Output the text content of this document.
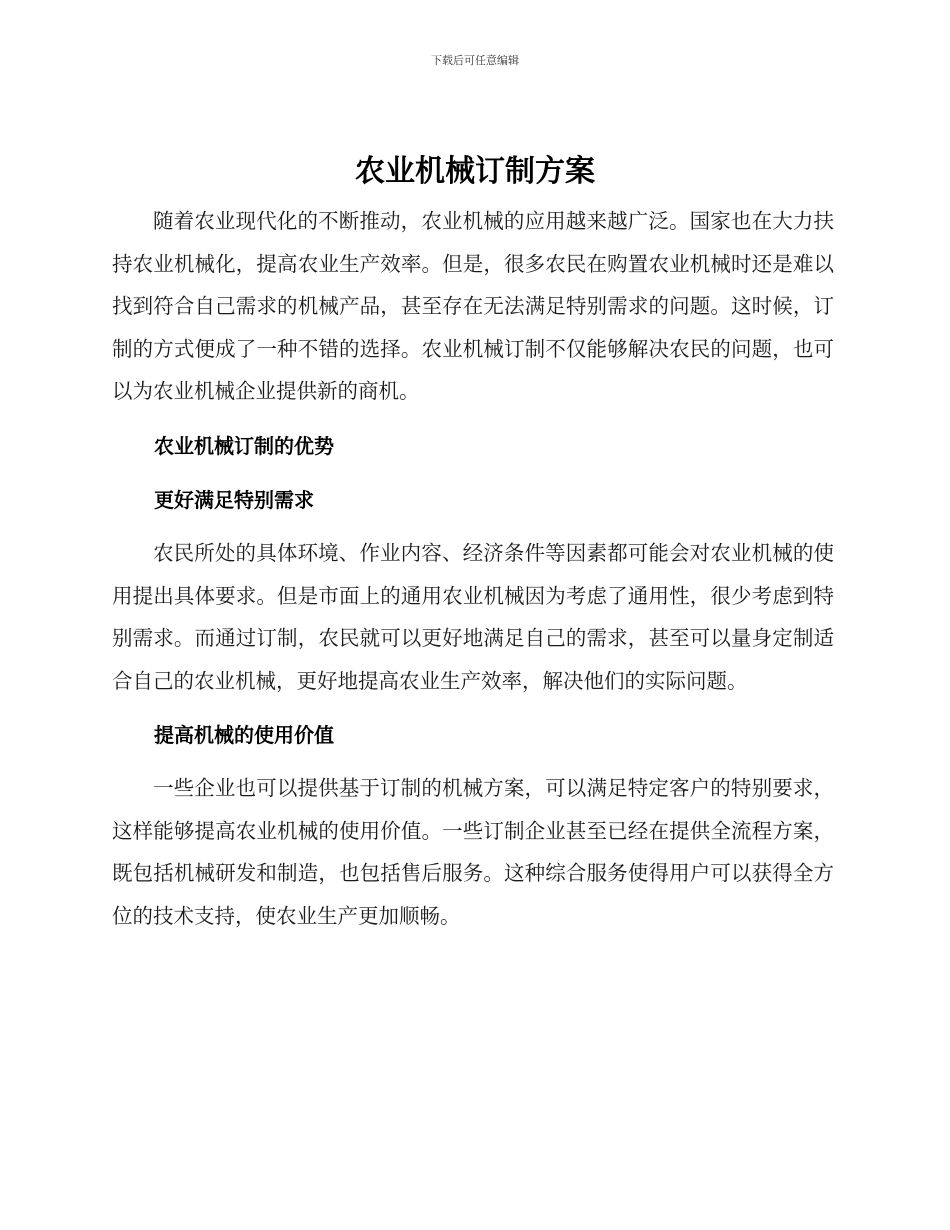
下载后可任意编辑
农业机械订制方案

随着农业现代化的不断推动，农业机械的应用越来越广泛。国家也在大力扶持农业机械化，提高农业生产效率。但是，很多农民在购置农业机械时还是难以找到符合自己需求的机械产品，甚至存在无法满足特别需求的问题。这时候，订制的方式便成了一种不错的选择。农业机械订制不仅能够解决农民的问题，也可以为农业机械企业提供新的商机。

农业机械订制的优势

更好满足特别需求

农民所处的具体环境、作业内容、经济条件等因素都可能会对农业机械的使用提出具体要求。但是市面上的通用农业机械因为考虑了通用性，很少考虑到特别需求。而通过订制，农民就可以更好地满足自己的需求，甚至可以量身定制适合自己的农业机械，更好地提高农业生产效率，解决他们的实际问题。

提高机械的使用价值

一些企业也可以提供基于订制的机械方案，可以满足特定客户的特别要求，这样能够提高农业机械的使用价值。一些订制企业甚至已经在提供全流程方案，既包括机械研发和制造，也包括售后服务。这种综合服务使得用户可以获得全方位的技术支持，使农业生产更加顺畅。
